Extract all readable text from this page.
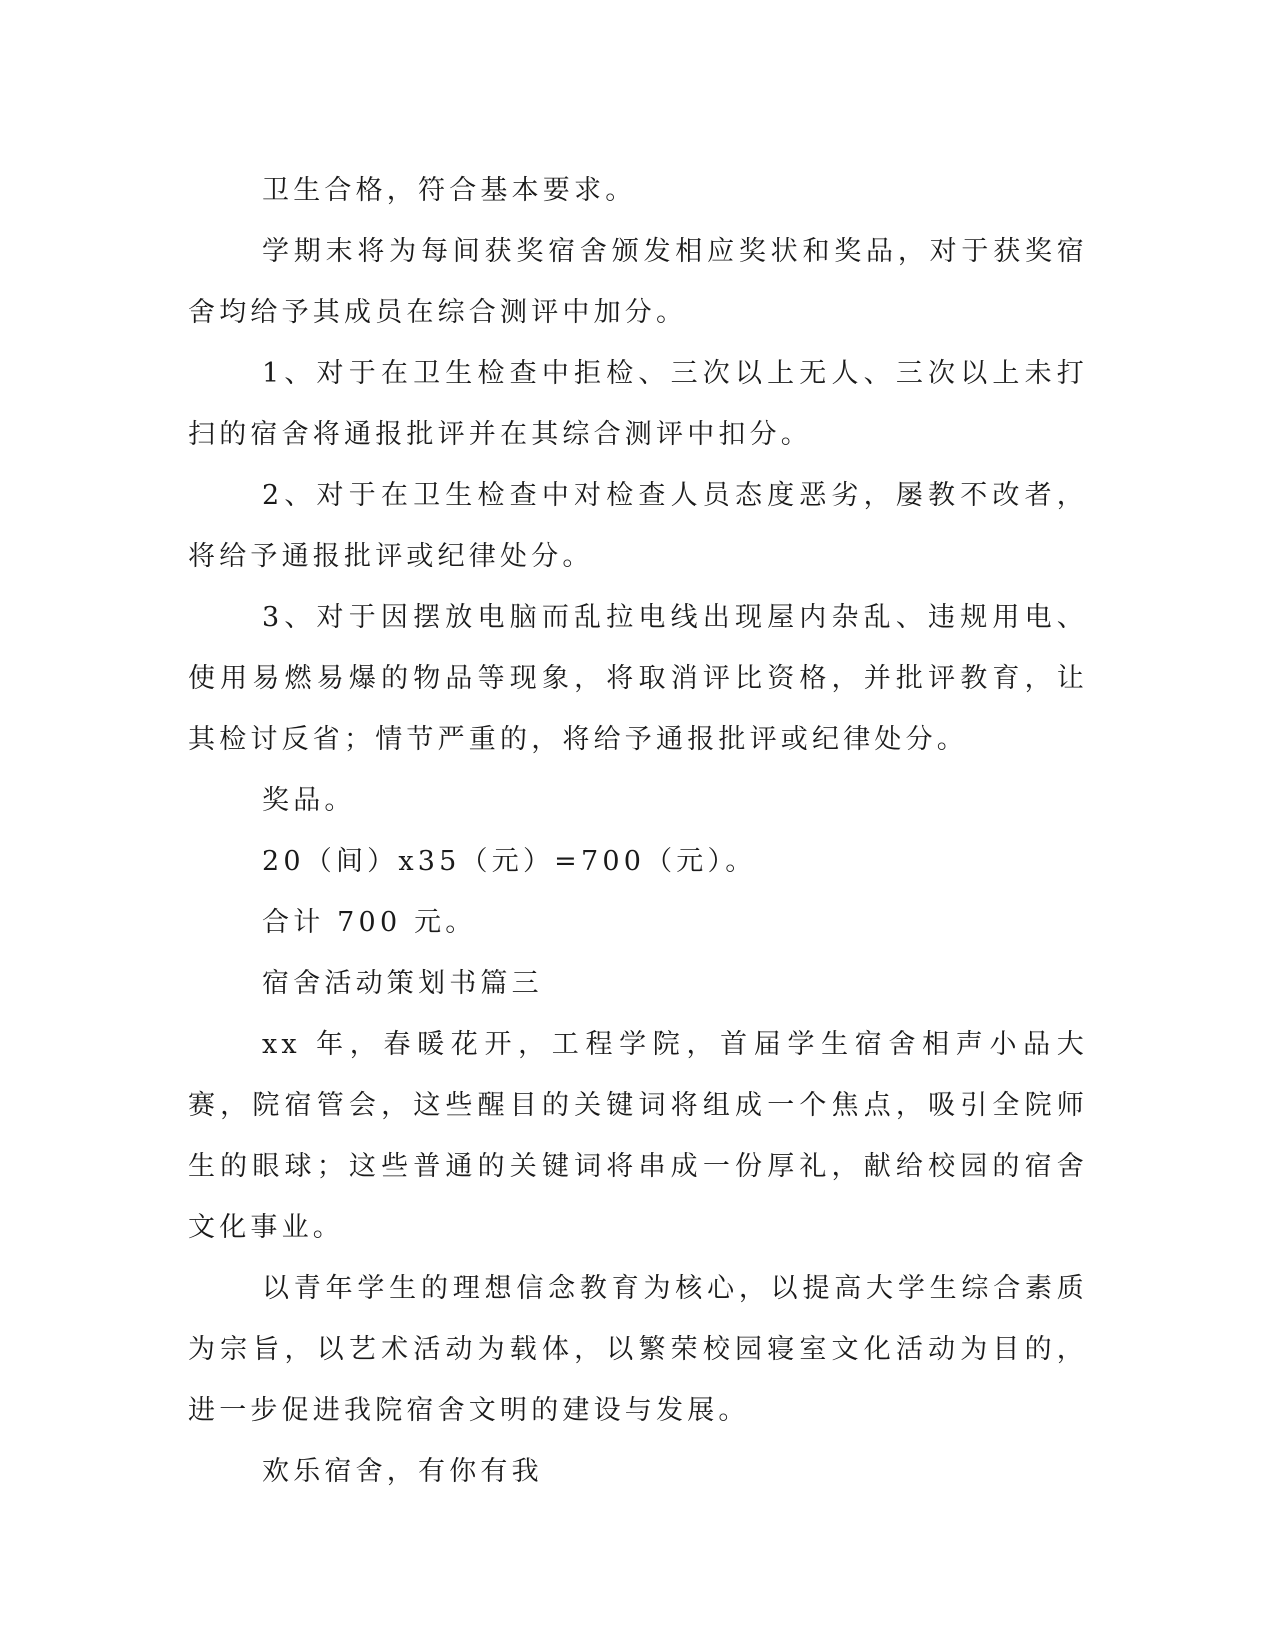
卫生合格，符合基本要求。

学期末将为每间获奖宿舍颁发相应奖状和奖品，对于获奖宿舍均给予其成员在综合测评中加分。

1、对于在卫生检查中拒检、三次以上无人、三次以上未打扫的宿舍将通报批评并在其综合测评中扣分。

2、对于在卫生检查中对检查人员态度恶劣，屡教不改者，将给予通报批评或纪律处分。

3、对于因摆放电脑而乱拉电线出现屋内杂乱、违规用电、使用易燃易爆的物品等现象，将取消评比资格，并批评教育，让其检讨反省；情节严重的，将给予通报批评或纪律处分。

奖品。

20（间）x35（元）=700（元）。

合计 700 元。

宿舍活动策划书篇三

xx 年，春暖花开，工程学院，首届学生宿舍相声小品大赛，院宿管会，这些醒目的关键词将组成一个焦点，吸引全院师生的眼球；这些普通的关键词将串成一份厚礼，献给校园的宿舍文化事业。

以青年学生的理想信念教育为核心，以提高大学生综合素质为宗旨，以艺术活动为载体，以繁荣校园寝室文化活动为目的，进一步促进我院宿舍文明的建设与发展。

欢乐宿舍，有你有我
